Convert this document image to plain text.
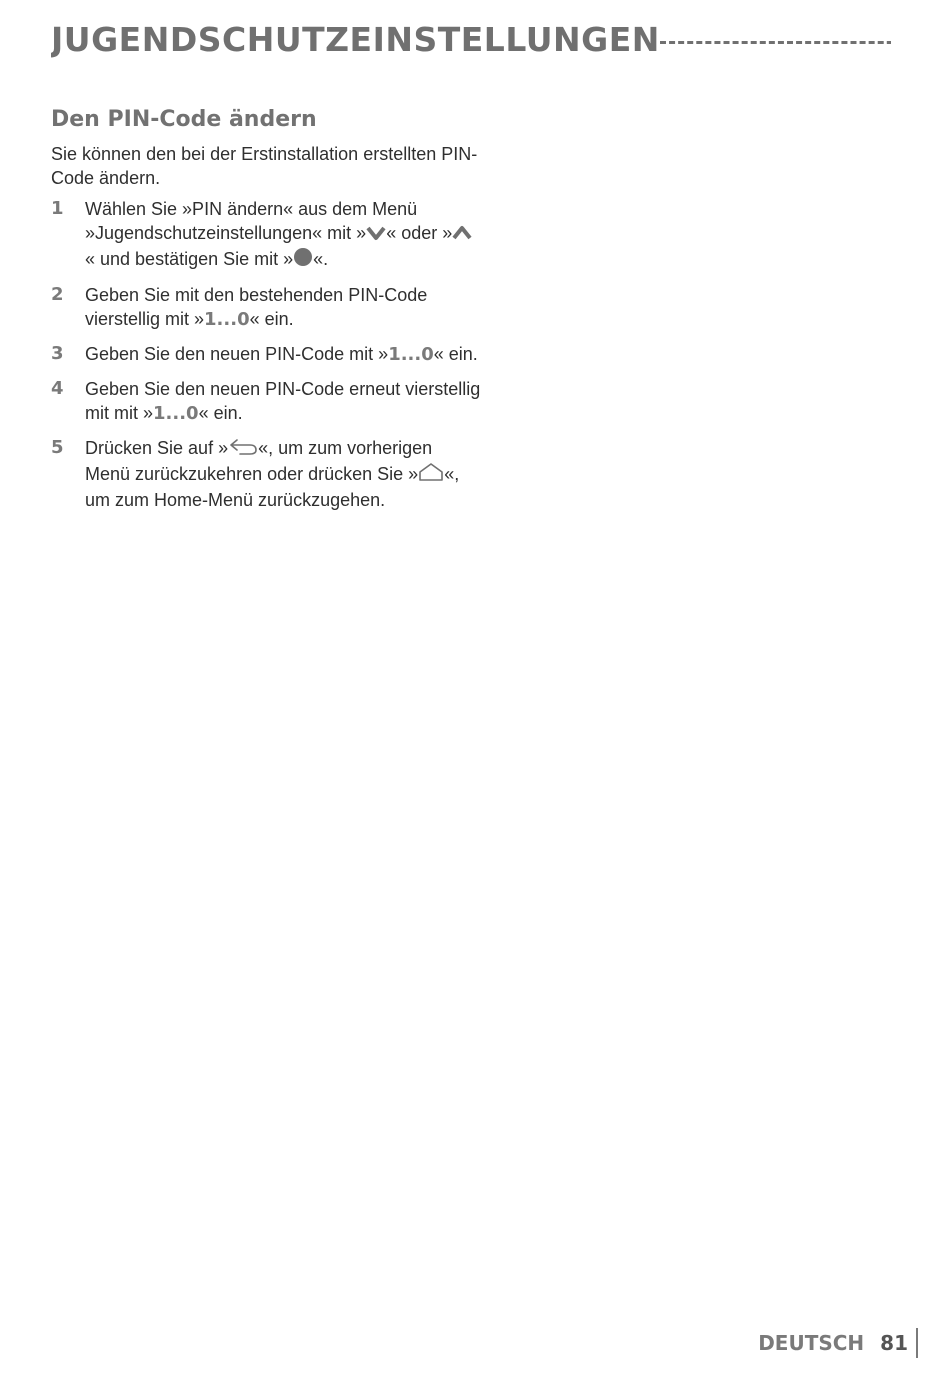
JUGENDSCHUTZEINSTELLUNGEN
Den PIN-Code ändern

Sie können den bei der Erstinstallation erstellten PIN-Code ändern.

1 Wählen Sie »PIN ändern« aus dem Menü »Jugendschutzeinstellungen« mit » « oder »« und bestätigen Sie mit » «.
2 Geben Sie mit den bestehenden PIN-Code vierstellig mit »1...0« ein.
3 Geben Sie den neuen PIN-Code mit »1...0« ein.
4 Geben Sie den neuen PIN-Code erneut vierstellig mit mit »1...0« ein.
5 Drücken Sie auf » «, um zum vorherigen Menü zurückzukehren oder drücken Sie » «, um zum Home-Menü zurückzugehen.
DEUTSCH 81
